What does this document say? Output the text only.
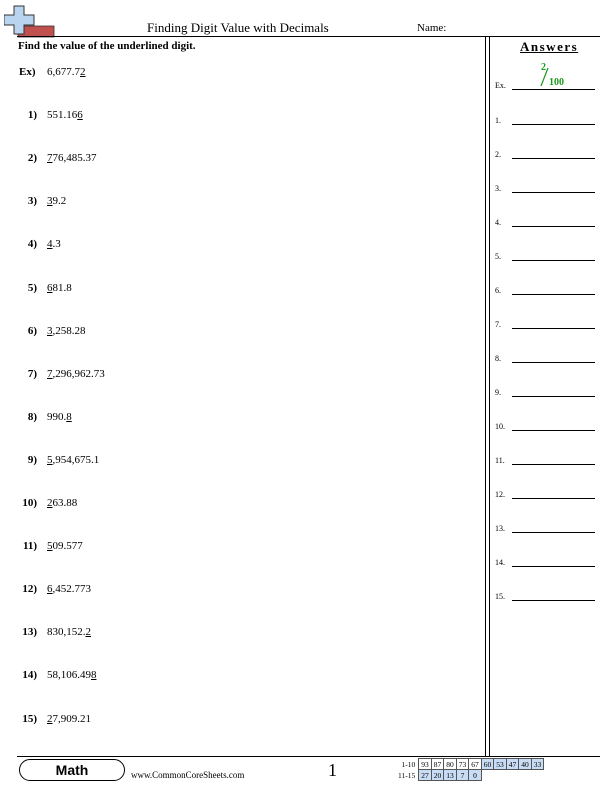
Finding Digit Value with Decimals	Name:
Find the value of the underlined digit.
Ex) 6,677.72
1) 551.166
2) 776,485.37
3) 39.2
4) 4.3
5) 681.8
6) 3,258.28
7) 7,296,962.73
8) 990.8
9) 5,954,675.1
10) 263.88
11) 509.577
12) 6,452.773
13) 830,152.2
14) 58,106.498
15) 27,909.21
Answers
Ex.
2
100
1.
2.
3.
4.
5.
6.
7.
8.
9.
10.
11.
12.
13.
14.
15.
Math	www.CommonCoreSheets.com	1	1-10	93	87	80	73	67	60	53	47	40	33
11-15	27	20	13	7	0					
